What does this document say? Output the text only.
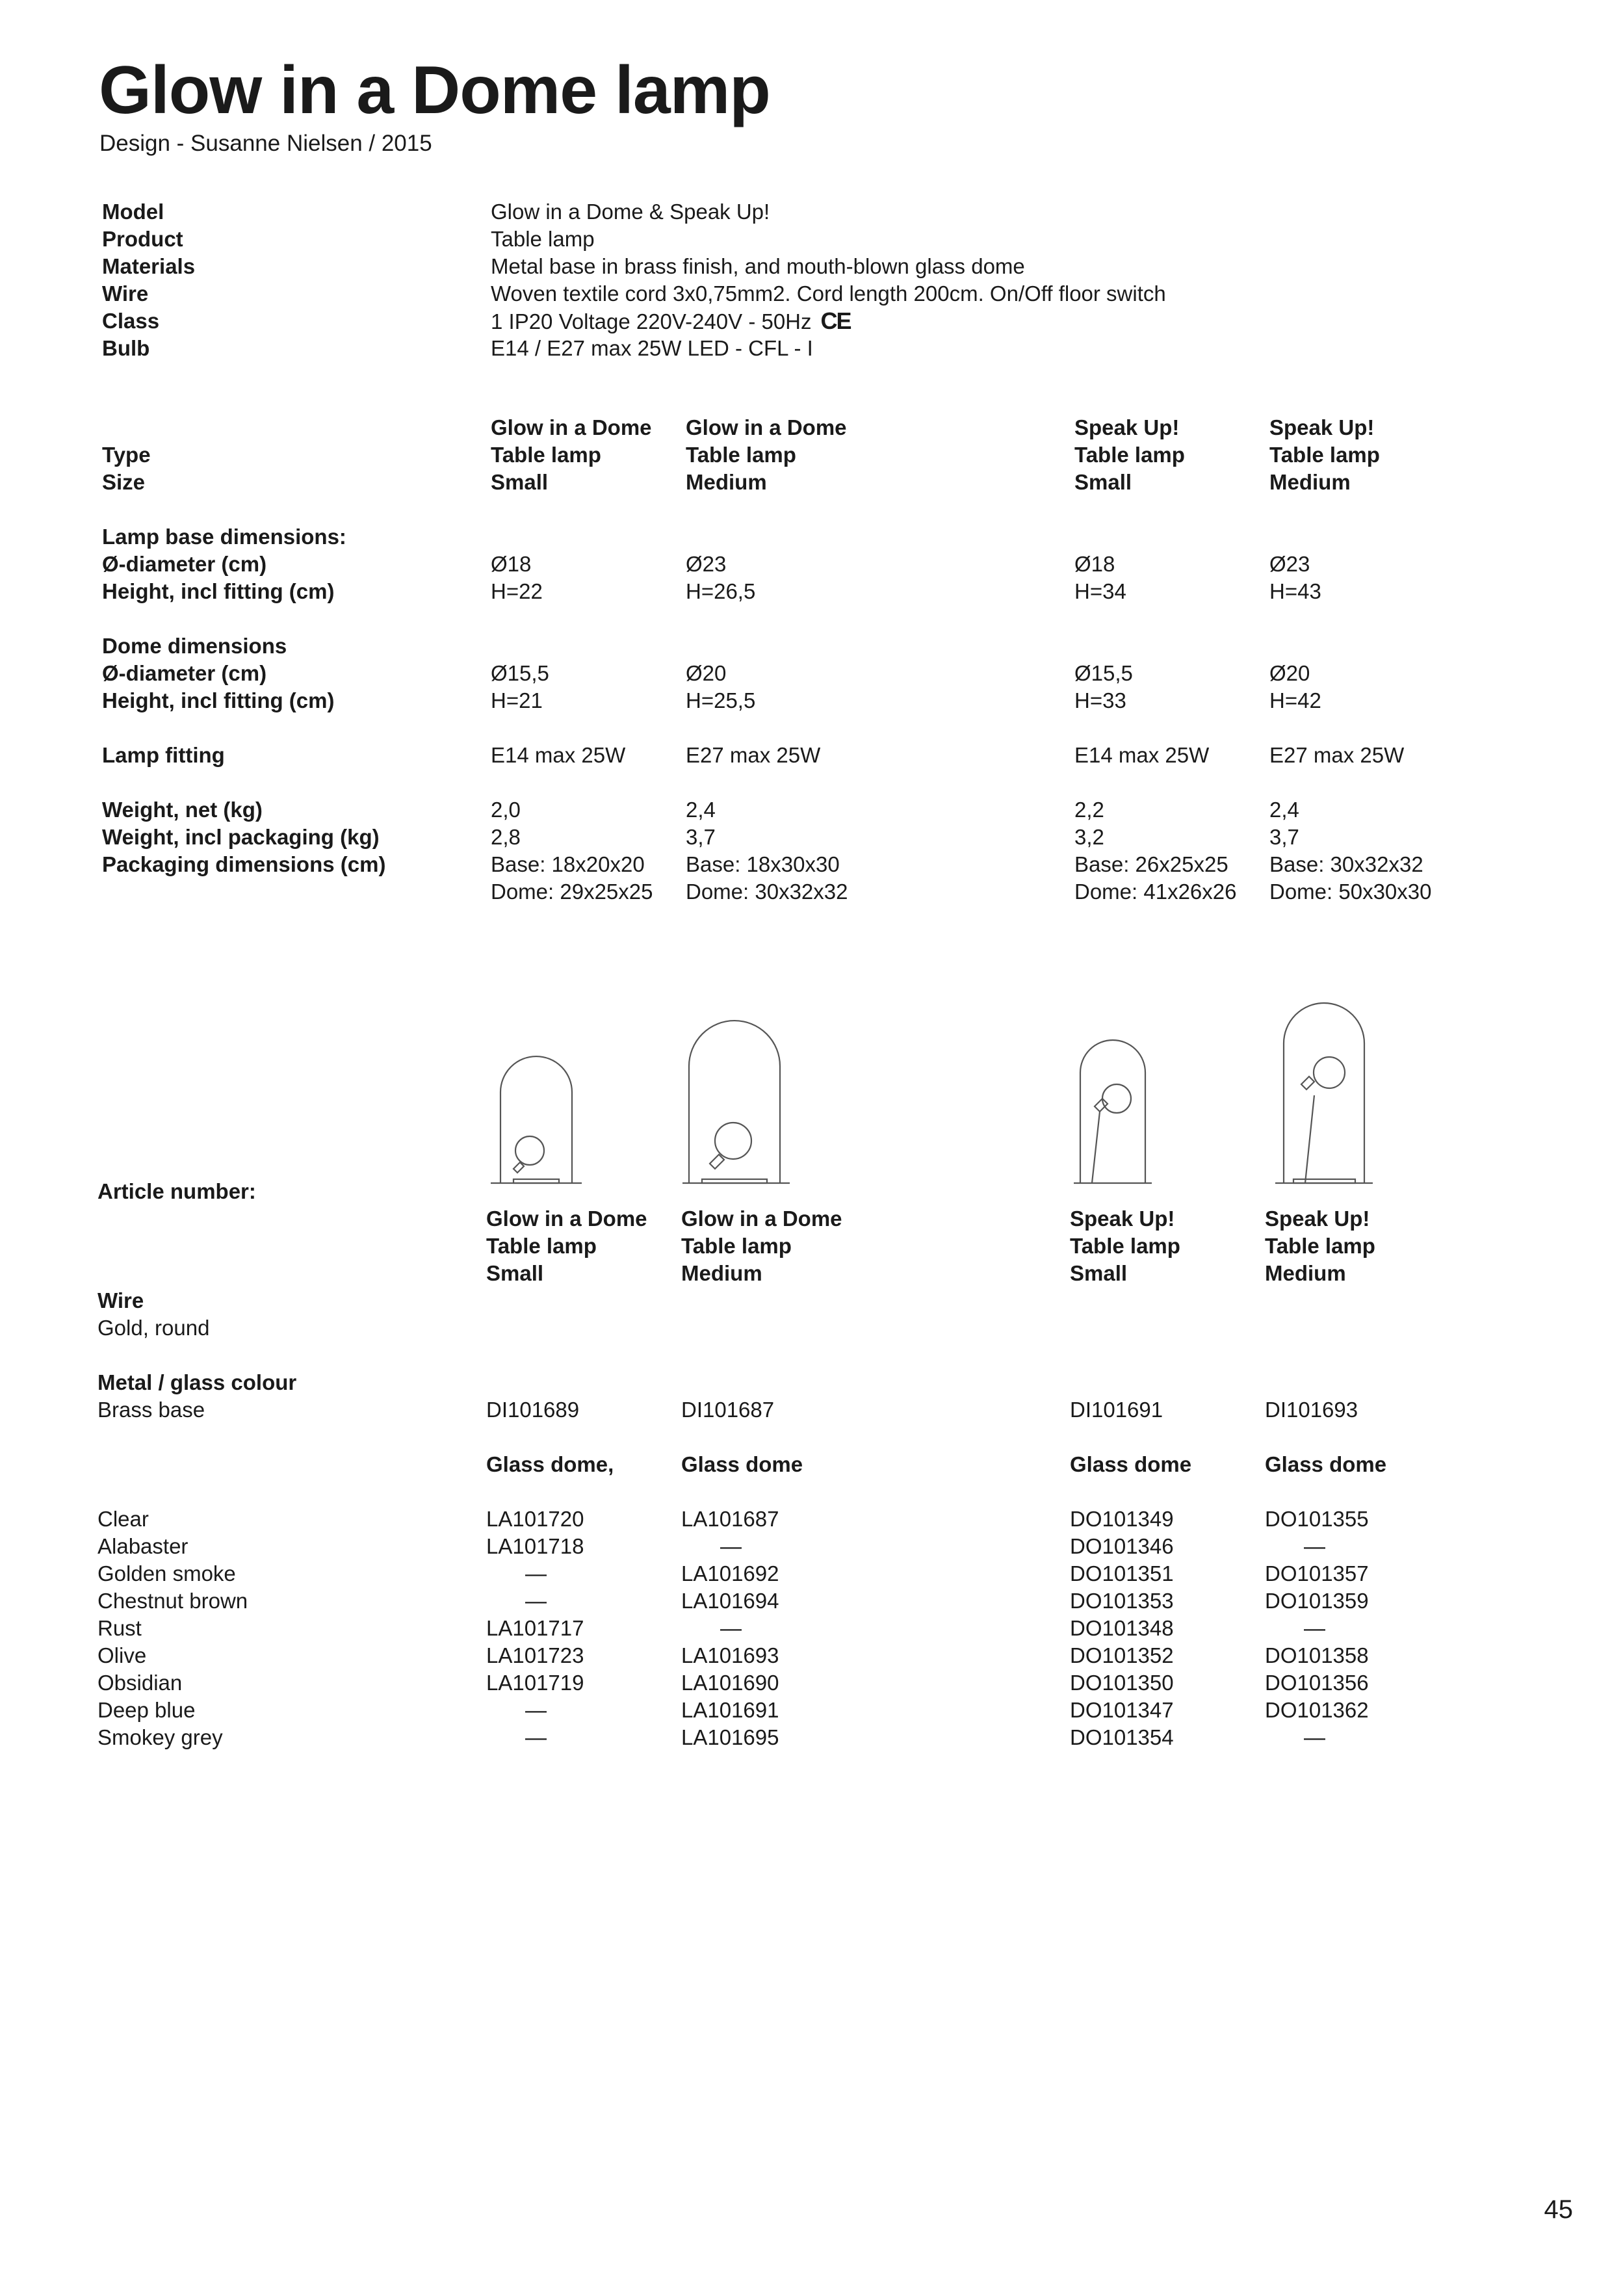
Glow in a Dome lamp
Design - Susanne Nielsen / 2015
Model
Product
Materials
Wire
Class
Bulb
Glow in a Dome & Speak Up!
Table lamp
Metal base in brass finish, and mouth-blown glass dome
Woven textile cord 3x0,75mm2. Cord length 200cm. On/Off floor switch
1 IP20 Voltage 220V-240V - 50Hz CE
E14 / E27 max 25W LED - CFL - I
Type
Size
Lamp base dimensions:
Ø-diameter (cm)
Height, incl fitting (cm)
Dome dimensions
Ø-diameter (cm)
Height, incl fitting (cm)
Lamp fitting
Weight, net (kg)
Weight, incl packaging (kg)
Packaging dimensions (cm)
Glow in a Dome
Table lamp
Small
Ø18
H=22
Ø15,5
H=21
E14 max 25W
2,0
2,8
Base: 18x20x20
Dome: 29x25x25
Glow in a Dome
Table lamp
Medium
Ø23
H=26,5
Ø20
H=25,5
E27 max 25W
2,4
3,7
Base: 18x30x30
Dome: 30x32x32
Speak Up!
Table lamp
Small
Ø18
H=34
Ø15,5
H=33
E14 max 25W
2,2
3,2
Base: 26x25x25
Dome: 41x26x26
Speak Up!
Table lamp
Medium
Ø23
H=43
Ø20
H=42
E27 max 25W
2,4
3,7
Base: 30x32x32
Dome: 50x30x30
Article number:
Wire
Gold, round
Metal / glass colour
Brass base
Clear
Alabaster
Golden smoke
Chestnut brown
Rust
Olive
Obsidian
Deep blue
Smokey grey
Glow in a Dome
Table lamp
Small
DI101689
Glass dome,
LA101720
LA101718
—
—
LA101717
LA101723
LA101719
—
—
Glow in a Dome
Table lamp
Medium
DI101687
Glass dome
LA101687
—
LA101692
LA101694
—
LA101693
LA101690
LA101691
LA101695
Speak Up!
Table lamp
Small
DI101691
Glass dome
DO101349
DO101346
DO101351
DO101353
DO101348
DO101352
DO101350
DO101347
DO101354
Speak Up!
Table lamp
Medium
DI101693
Glass dome
DO101355
—
DO101357
DO101359
—
DO101358
DO101356
DO101362
—
45
